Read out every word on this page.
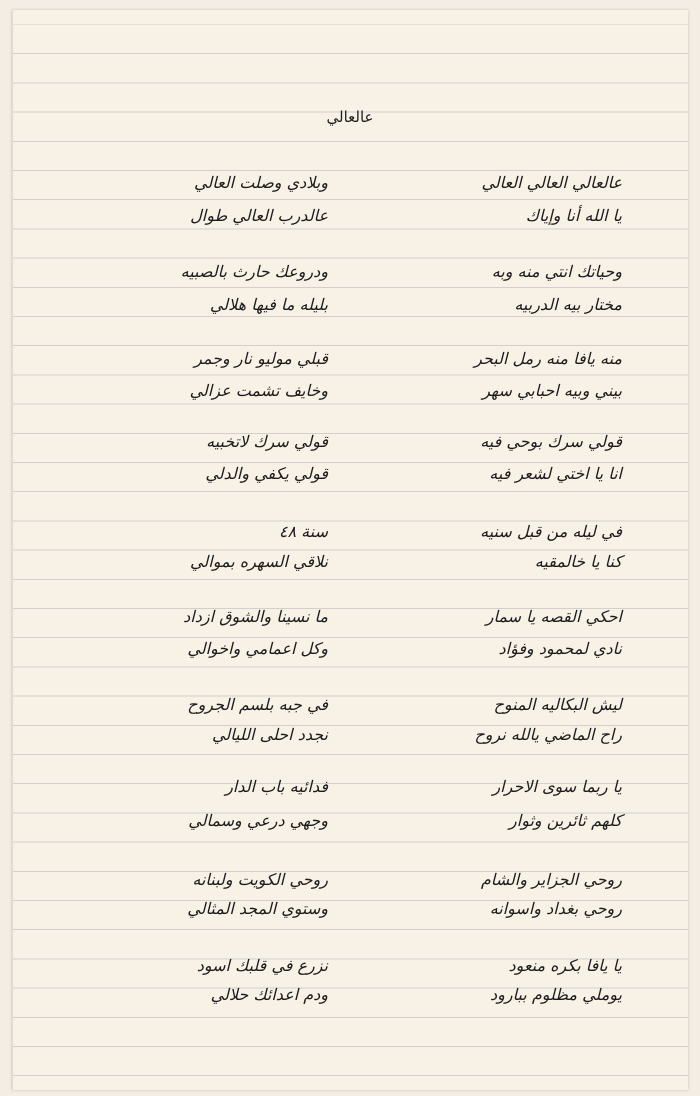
عالعالي
عالعالي العالي العالي
يا الله أنا وإياك
وبلادي وصلت العالي
عالدرب العالي طوال
وحياتك انتي منه وبه
مختار بيه الدربيه
ودروعك حارث بالصبيه
بليله ما فيها هلالي
منه يافا منه رمل البحر
بيني وبيه احبابي سهر
قبلي موليو نار وجمر
وخايف تشمت عزالي
قولي سرك بوحي فيه
انا يا اختي لشعر فيه
قولي سرك لاتخبيه
قولي يكفي والدلي
في ليله من قبل سنيه
كنا يا خالمقيه
سنة ٤٨
نلاقي السهره بموالي
احكي القصه يا سمار
نادي لمحمود وفؤاد
ما نسينا والشوق ازداد
وكل اعمامي واخوالي
ليش البكاليه المنوح
راح الماضي يالله نروح
في جبه بلسم الجروح
نجدد احلى الليالي
يا ربما سوى الاحرار
كلهم ثائرين وثوار
فدائيه باب الدار
وجهي درعي وسمالي
روحي الجزاير والشام
روحي بغداد واسوانه
روحي الكويت ولبنانه
وستوي المجد المثالي
يا يافا بكره منعود
يوملي مظلوم ببارود
نزرع في قلبك اسود
ودم اعدائك حلالي
